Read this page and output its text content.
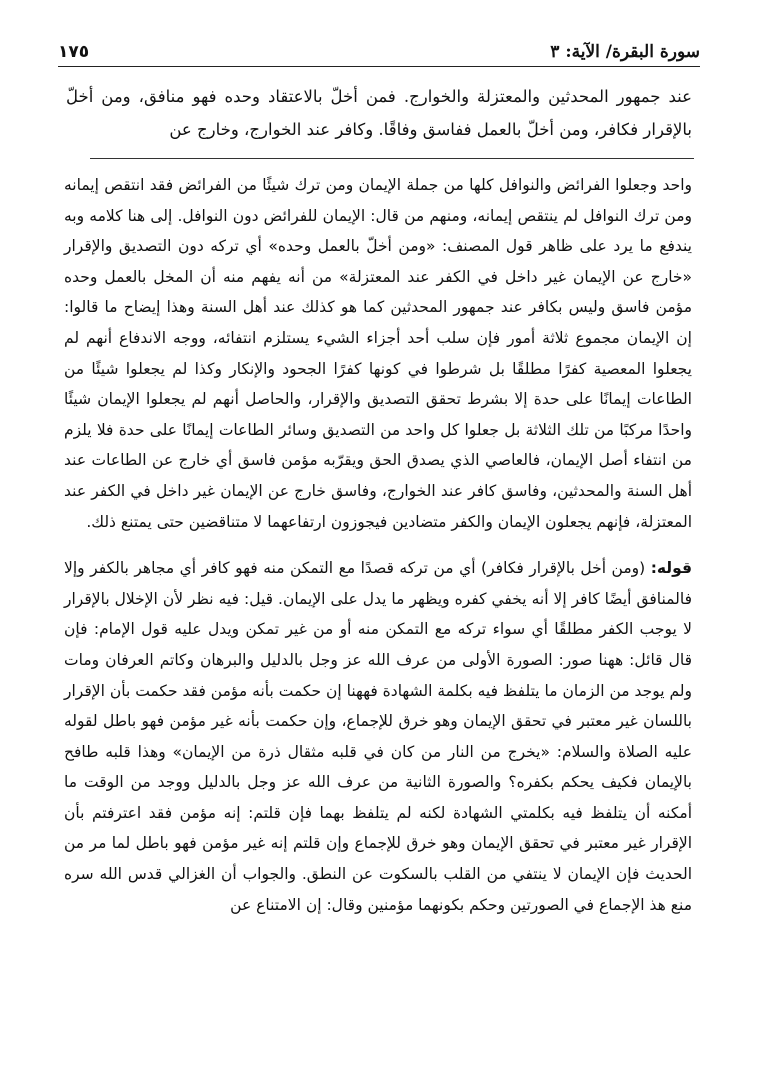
١٧٥	سورة البقرة/ الآية: ٣

عند جمهور المحدثين والمعتزلة والخوارج. فمن أخلّ بالاعتقاد وحده فهو منافق، ومن أخلّ بالإقرار فكافر، ومن أخلّ بالعمل ففاسق وفاقًا. وكافر عند الخوارج، وخارج عن

واحد وجعلوا الفرائض والنوافل كلها من جملة الإيمان ومن ترك شيئًا من الفرائض فقد انتقص إيمانه ومن ترك النوافل لم ينتقص إيمانه، ومنهم من قال: الإيمان للفرائض دون النوافل. إلى هنا كلامه وبه يندفع ما يرد على ظاهر قول المصنف: «ومن أخلّ بالعمل وحده» أي تركه دون التصديق والإقرار «خارج عن الإيمان غير داخل في الكفر عند المعتزلة» من أنه يفهم منه أن المخل بالعمل وحده مؤمن فاسق وليس بكافر عند جمهور المحدثين كما هو كذلك عند أهل السنة وهذا إيضاح ما قالوا: إن الإيمان مجموع ثلاثة أمور فإن سلب أحد أجزاء الشيء يستلزم انتفائه، ووجه الاندفاع أنهم لم يجعلوا المعصية كفرًا مطلقًا بل شرطوا في كونها كفرًا الجحود والإنكار وكذا لم يجعلوا شيئًا من الطاعات إيمانًا على حدة إلا بشرط تحقق التصديق والإقرار، والحاصل أنهم لم يجعلوا الإيمان شيئًا واحدًا مركبًا من تلك الثلاثة بل جعلوا كل واحد من التصديق وسائر الطاعات إيمانًا على حدة فلا يلزم من انتفاء أصل الإيمان، فالعاصي الذي يصدق الحق ويقرّبه مؤمن فاسق أي خارج عن الطاعات عند أهل السنة والمحدثين، وفاسق كافر عند الخوارج، وفاسق خارج عن الإيمان غير داخل في الكفر عند المعتزلة، فإنهم يجعلون الإيمان والكفر متضادين فيجوزون ارتفاعهما لا متناقضين حتى يمتنع ذلك.

قوله: (ومن أخل بالإقرار فكافر) أي من تركه قصدًا مع التمكن منه فهو كافر أي مجاهر بالكفر وإلا فالمنافق أيضًا كافر إلا أنه يخفي كفره ويظهر ما يدل على الإيمان. قيل: فيه نظر لأن الإخلال بالإقرار لا يوجب الكفر مطلقًا أي سواء تركه مع التمكن منه أو من غير تمكن ويدل عليه قول الإمام: فإن قال قائل: ههنا صور: الصورة الأولى من عرف الله عز وجل بالدليل والبرهان وكاتم العرفان ومات ولم يوجد من الزمان ما يتلفظ فيه بكلمة الشهادة فههنا إن حكمت بأنه مؤمن فقد حكمت بأن الإقرار باللسان غير معتبر في تحقق الإيمان وهو خرق للإجماع، وإن حكمت بأنه غير مؤمن فهو باطل لقوله عليه الصلاة والسلام: «يخرج من النار من كان في قلبه مثقال ذرة من الإيمان» وهذا قلبه طافح بالإيمان فكيف يحكم بكفره؟ والصورة الثانية من عرف الله عز وجل بالدليل ووجد من الوقت ما أمكنه أن يتلفظ فيه بكلمتي الشهادة لكنه لم يتلفظ بهما فإن قلتم: إنه مؤمن فقد اعترفتم بأن الإقرار غير معتبر في تحقق الإيمان وهو خرق للإجماع وإن قلتم إنه غير مؤمن فهو باطل لما مر من الحديث فإن الإيمان لا ينتفي من القلب بالسكوت عن النطق. والجواب أن الغزالي قدس الله سره منع هذ الإجماع في الصورتين وحكم بكونهما مؤمنين وقال: إن الامتناع عن
